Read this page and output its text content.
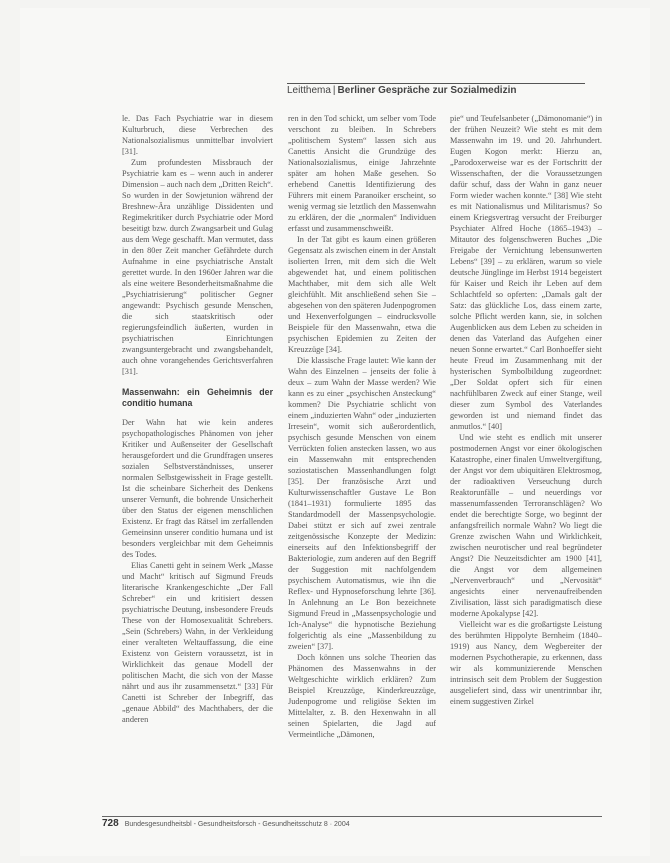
Leitthema | Berliner Gespräche zur Sozialmedizin

le. Das Fach Psychiatrie war in diesem Kulturbruch, diese Verbrechen des Nationalsozialismus unmittelbar involviert [31].

Zum profundesten Missbrauch der Psychiatrie kam es – wenn auch in anderer Dimension – auch nach dem „Dritten Reich“. So wurden in der Sowjetunion während der Breshnew-Ära unzählige Dissidenten und Regimekritiker durch Psychiatrie oder Mord beseitigt bzw. durch Zwangsarbeit und Gulag aus dem Wege geschafft. Man vermutet, dass in den 80er Zeit mancher Gefährdete durch Aufnahme in eine psychiatrische Anstalt gerettet wurde. In den 1960er Jahren war die als eine weitere Besonderheitsmaßnahme die „Psychiatrisierung“ politischer Gegner angewandt: Psychisch gesunde Menschen, die sich staatskritisch oder regierungsfeindlich äußerten, wurden in psychiatrischen Einrichtungen zwangsuntergebracht und zwangsbehandelt, auch ohne vorangehendes Gerichtsverfahren [31].

Massenwahn: ein Geheimnis der conditio humana

Der Wahn hat wie kein anderes psychopathologisches Phänomen von jeher Kritiker und Außenseiter der Gesellschaft herausgefordert und die Grundfragen unseres sozialen Selbstverständnisses, unserer normalen Selbstgewissheit in Frage gestellt. Ist die scheinbare Sicherheit des Denkens unserer Vernunft, die bohrende Unsicherheit über den Status der eigenen menschlichen Existenz. Er fragt das Rätsel im zerfallenden Gemeinsinn unserer conditio humana und ist besonders vergleichbar mit dem Geheimnis des Todes.

Elias Canetti geht in seinem Werk „Masse und Macht“ kritisch auf Sigmund Freuds literarische Krankengeschichte „Der Fall Schreber“ ein und kritisiert dessen psychiatrische Deutung, insbesondere Freuds These von der Homosexualität Schrebers. „Sein (Schrebers) Wahn, in der Verkleidung einer veralteten Weltauffassung, die eine Existenz von Geistern voraussetzt, ist in Wirklichkeit das genaue Modell der politischen Macht, die sich von der Masse nährt und aus ihr zusammensetzt.“ [33] Für Canetti ist Schreber der Inbegriff, das „genaue Abbild“ des Machthabers, der die anderen

ren in den Tod schickt, um selber vom Tode verschont zu bleiben. In Schrebers „politischem System“ lassen sich aus Canettis Ansicht die Grundzüge des Nationalsozialismus, einige Jahrzehnte später am hohen Maße gesehen. So erhebend Canettis Identifizierung des Führers mit einem Paranoiker erscheint, so wenig vermag sie letztlich den Massenwahn zu erklären, der die „normalen“ Individuen erfasst und zusammenschweißt.

In der Tat gibt es kaum einen größeren Gegensatz als zwischen einem in der Anstalt isolierten Irren, mit dem sich die Welt abgewendet hat, und einem politischen Machthaber, mit dem sich alle Welt gleichfühlt. Mit anschließend sehen Sie – abgesehen von den späteren Judenpogromen und Hexenverfolgungen – eindrucksvolle Beispiele für den Massenwahn, etwa die psychischen Epidemien zu Zeiten der Kreuzzüge [34].

Die klassische Frage lautet: Wie kann der Wahn des Einzelnen – jenseits der folie à deux – zum Wahn der Masse werden? Wie kann es zu einer „psychischen Ansteckung“ kommen? Die Psychiatrie schlicht von einem „induzierten Wahn“ oder „induzierten Irresein“, womit sich außerordentlich, psychisch gesunde Menschen von einem Verrückten folien anstecken lassen, wo aus ein Massenwahn mit entsprechenden soziostatischen Massenhandlungen folgt [35]. Der französische Arzt und Kulturwissenschaftler Gustave Le Bon (1841–1931) formulierte 1895 das Standardmodell der Massenpsychologie. Dabei stützt er sich auf zwei zentrale zeitgenössische Konzepte der Medizin: einerseits auf den Infektionsbegriff der Bakteriologie, zum anderen auf den Begriff der Suggestion mit nachfolgendem psychischem Automatismus, wie ihn die Reflex- und Hypnoseforschung lehrte [36]. In Anlehnung an Le Bon bezeichnete Sigmund Freud in „Massenpsychologie und Ich-Analyse“ die hypnotische Beziehung folgerichtig als eine „Massenbildung zu zweien“ [37].

Doch können uns solche Theorien das Phänomen des Massenwahns in der Weltgeschichte wirklich erklären? Zum Beispiel Kreuzzüge, Kinderkreuzzüge, Judenpogrome und religiöse Sekten im Mittelalter, z. B. den Hexenwahn in all seinen Spielarten, die Jagd auf Vermeintliche „Dämonen,

pie“ und Teufelsanbeter („Dämonomanie“) in der frühen Neuzeit? Wie steht es mit dem Massenwahn im 19. und 20. Jahrhundert. Eugen Kogon merkt: Hierzu an, „Parodoxerweise war es der Fortschritt der Wissenschaften, der die Voraussetzungen dafür schuf, dass der Wahn in ganz neuer Form wieder wachen konnte.“ [38] Wie steht es mit Nationalismus und Militarismus? So einem Kriegsvertrag versucht der Freiburger Psychiater Alfred Hoche (1865–1943) – Mitautor des folgenschweren Buches „Die Freigabe der Vernichtung lebensunwerten Lebens“ [39] – zu erklären, warum so viele deutsche Jünglinge im Herbst 1914 begeistert für Kaiser und Reich ihr Leben auf dem Schlachtfeld so opferten: „Damals galt der Satz: das glückliche Los, dass einem zarte, solche Pflicht werden kann, sie, in solchen Augenblicken aus dem Leben zu scheiden in denen das Vaterland das Aufgehen einer neuen Sonne erwartet.“ Carl Bonhoeffer sieht heute Freud im Zusammenhang mit der hysterischen Symbolbildung zugeordnet: „Der Soldat opfert sich für einen nachfühlbaren Zweck auf einer Stange, weil dieser zum Symbol des Vaterlandes geworden ist und niemand findet das anmutlos.“ [40]

Und wie steht es endlich mit unserer postmodernen Angst vor einer ökologischen Katastrophe, einer finalen Umweltvergiftung, der Angst vor dem ubiquitären Elektrosmog, der radioaktiven Verseuchung durch Reaktorunfälle – und neuerdings vor massenumfassenden Terroranschlägen? Wo endet die berechtigte Sorge, wo beginnt der anfangsfreilich normale Wahn? Wo liegt die Grenze zwischen Wahn und Wirklichkeit, zwischen neurotischer und real begründeter Angst? Die Neuzeitsdichter am 1900 [41], die Angst vor dem allgemeinen „Nervenverbrauch“ und „Nervosität“ angesichts einer nervenaufreibenden Zivilisation, lässt sich paradigmatisch diese moderne Apokalypse [42].

Vielleicht war es die großartigste Leistung des berühmten Hippolyte Bernheim (1840–1919) aus Nancy, dem Wegbereiter der modernen Psychotherapie, zu erkennen, dass wir als kommunizierende Menschen intrinsisch seit dem Problem der Suggestion ausgeliefert sind, dass wir unentrinnbar ihr, einem suggestiven Zirkel

728 Bundesgesundheitsbl - Gesundheitsforsch - Gesundheitsschutz 8 · 2004
